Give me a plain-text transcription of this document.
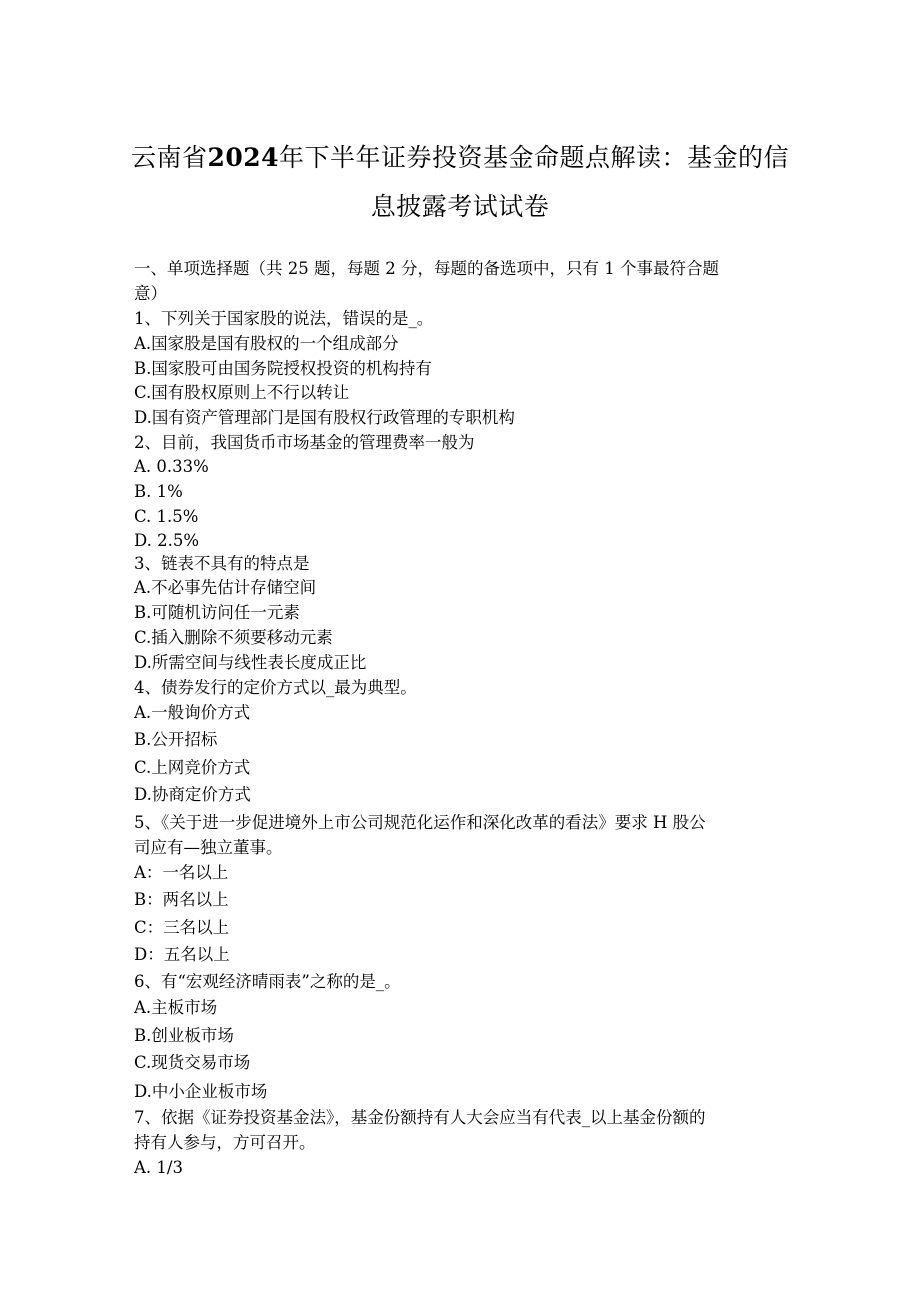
云南省2024年下半年证券投资基金命题点解读：基金的信
息披露考试试卷
一、单项选择题（共 25 题，每题 2 分，每题的备选项中，只有 1 个事最符合题
意）
1、下列关于国家股的说法，错误的是_。
A.国家股是国有股权的一个组成部分
B.国家股可由国务院授权投资的机构持有
C.国有股权原则上不行以转让
D.国有资产管理部门是国有股权行政管理的专职机构
2、目前，我国货币市场基金的管理费率一般为
A. 0.33%
B. 1%
C. 1.5%
D. 2.5%
3、链表不具有的特点是
A.不必事先估计存储空间
B.可随机访问任一元素
C.插入删除不须要移动元素
D.所需空间与线性表长度成正比
4、债券发行的定价方式以_最为典型。
A.一般询价方式
B.公开招标
C.上网竞价方式
D.协商定价方式
5、《关于进一步促进境外上市公司规范化运作和深化改革的看法》要求 H 股公
司应有—独立董事。
A：一名以上
B：两名以上
C：三名以上
D：五名以上
6、有“宏观经济晴雨表”之称的是_。
A.主板市场
B.创业板市场
C.现货交易市场
D.中小企业板市场
7、依据《证券投资基金法》，基金份额持有人大会应当有代表_以上基金份额的
持有人参与，方可召开。
A. 1/3
